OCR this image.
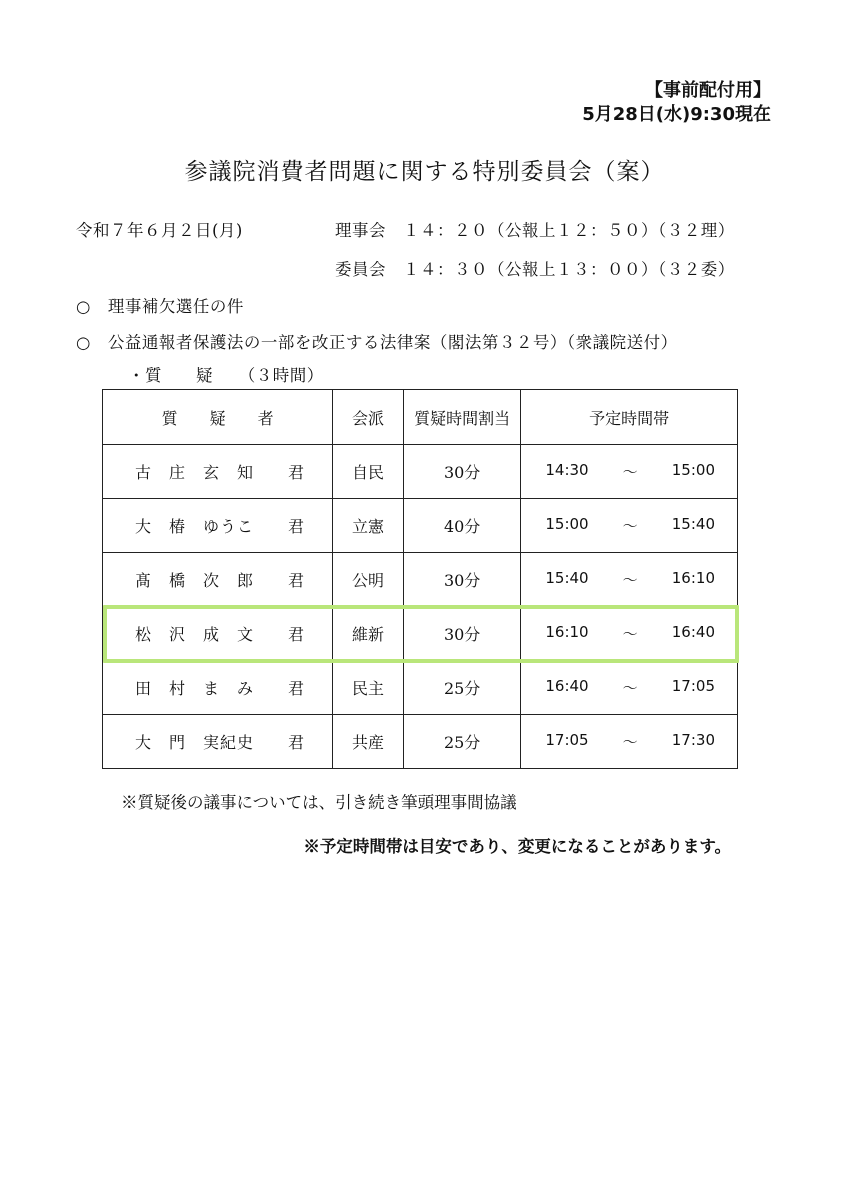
【事前配付用】
5月28日(水)9:30現在
参議院消費者問題に関する特別委員会（案）
令和７年６月２日(月)	理事会　１４：２０（公報上１２：５０）（３２理）
委員会　１４：３０（公報上１３：００）（３２委）
○　理事補欠選任の件
○　公益通報者保護法の一部を改正する法律案（閣法第３２号）（衆議院送付）
・質　　疑　　（３時間）
質　　疑　　者	会派	質疑時間割当	予定時間帯
古　庄　玄　知　　君	自民	30分	14:30 ～ 15:00

大　椿　ゆうこ　　君	立憲	40分	15:00 ～ 15:40

髙　橋　次　郎　　君	公明	30分	15:40 ～ 16:10

松　沢　成　文　　君	維新	30分	16:10 ～ 16:40

田　村　ま　み　　君	民主	25分	16:40 ～ 17:05

大　門　実紀史　　君	共産	25分	17:05 ～ 17:30
※質疑後の議事については、引き続き筆頭理事間協議
※予定時間帯は目安であり、変更になることがあります。
